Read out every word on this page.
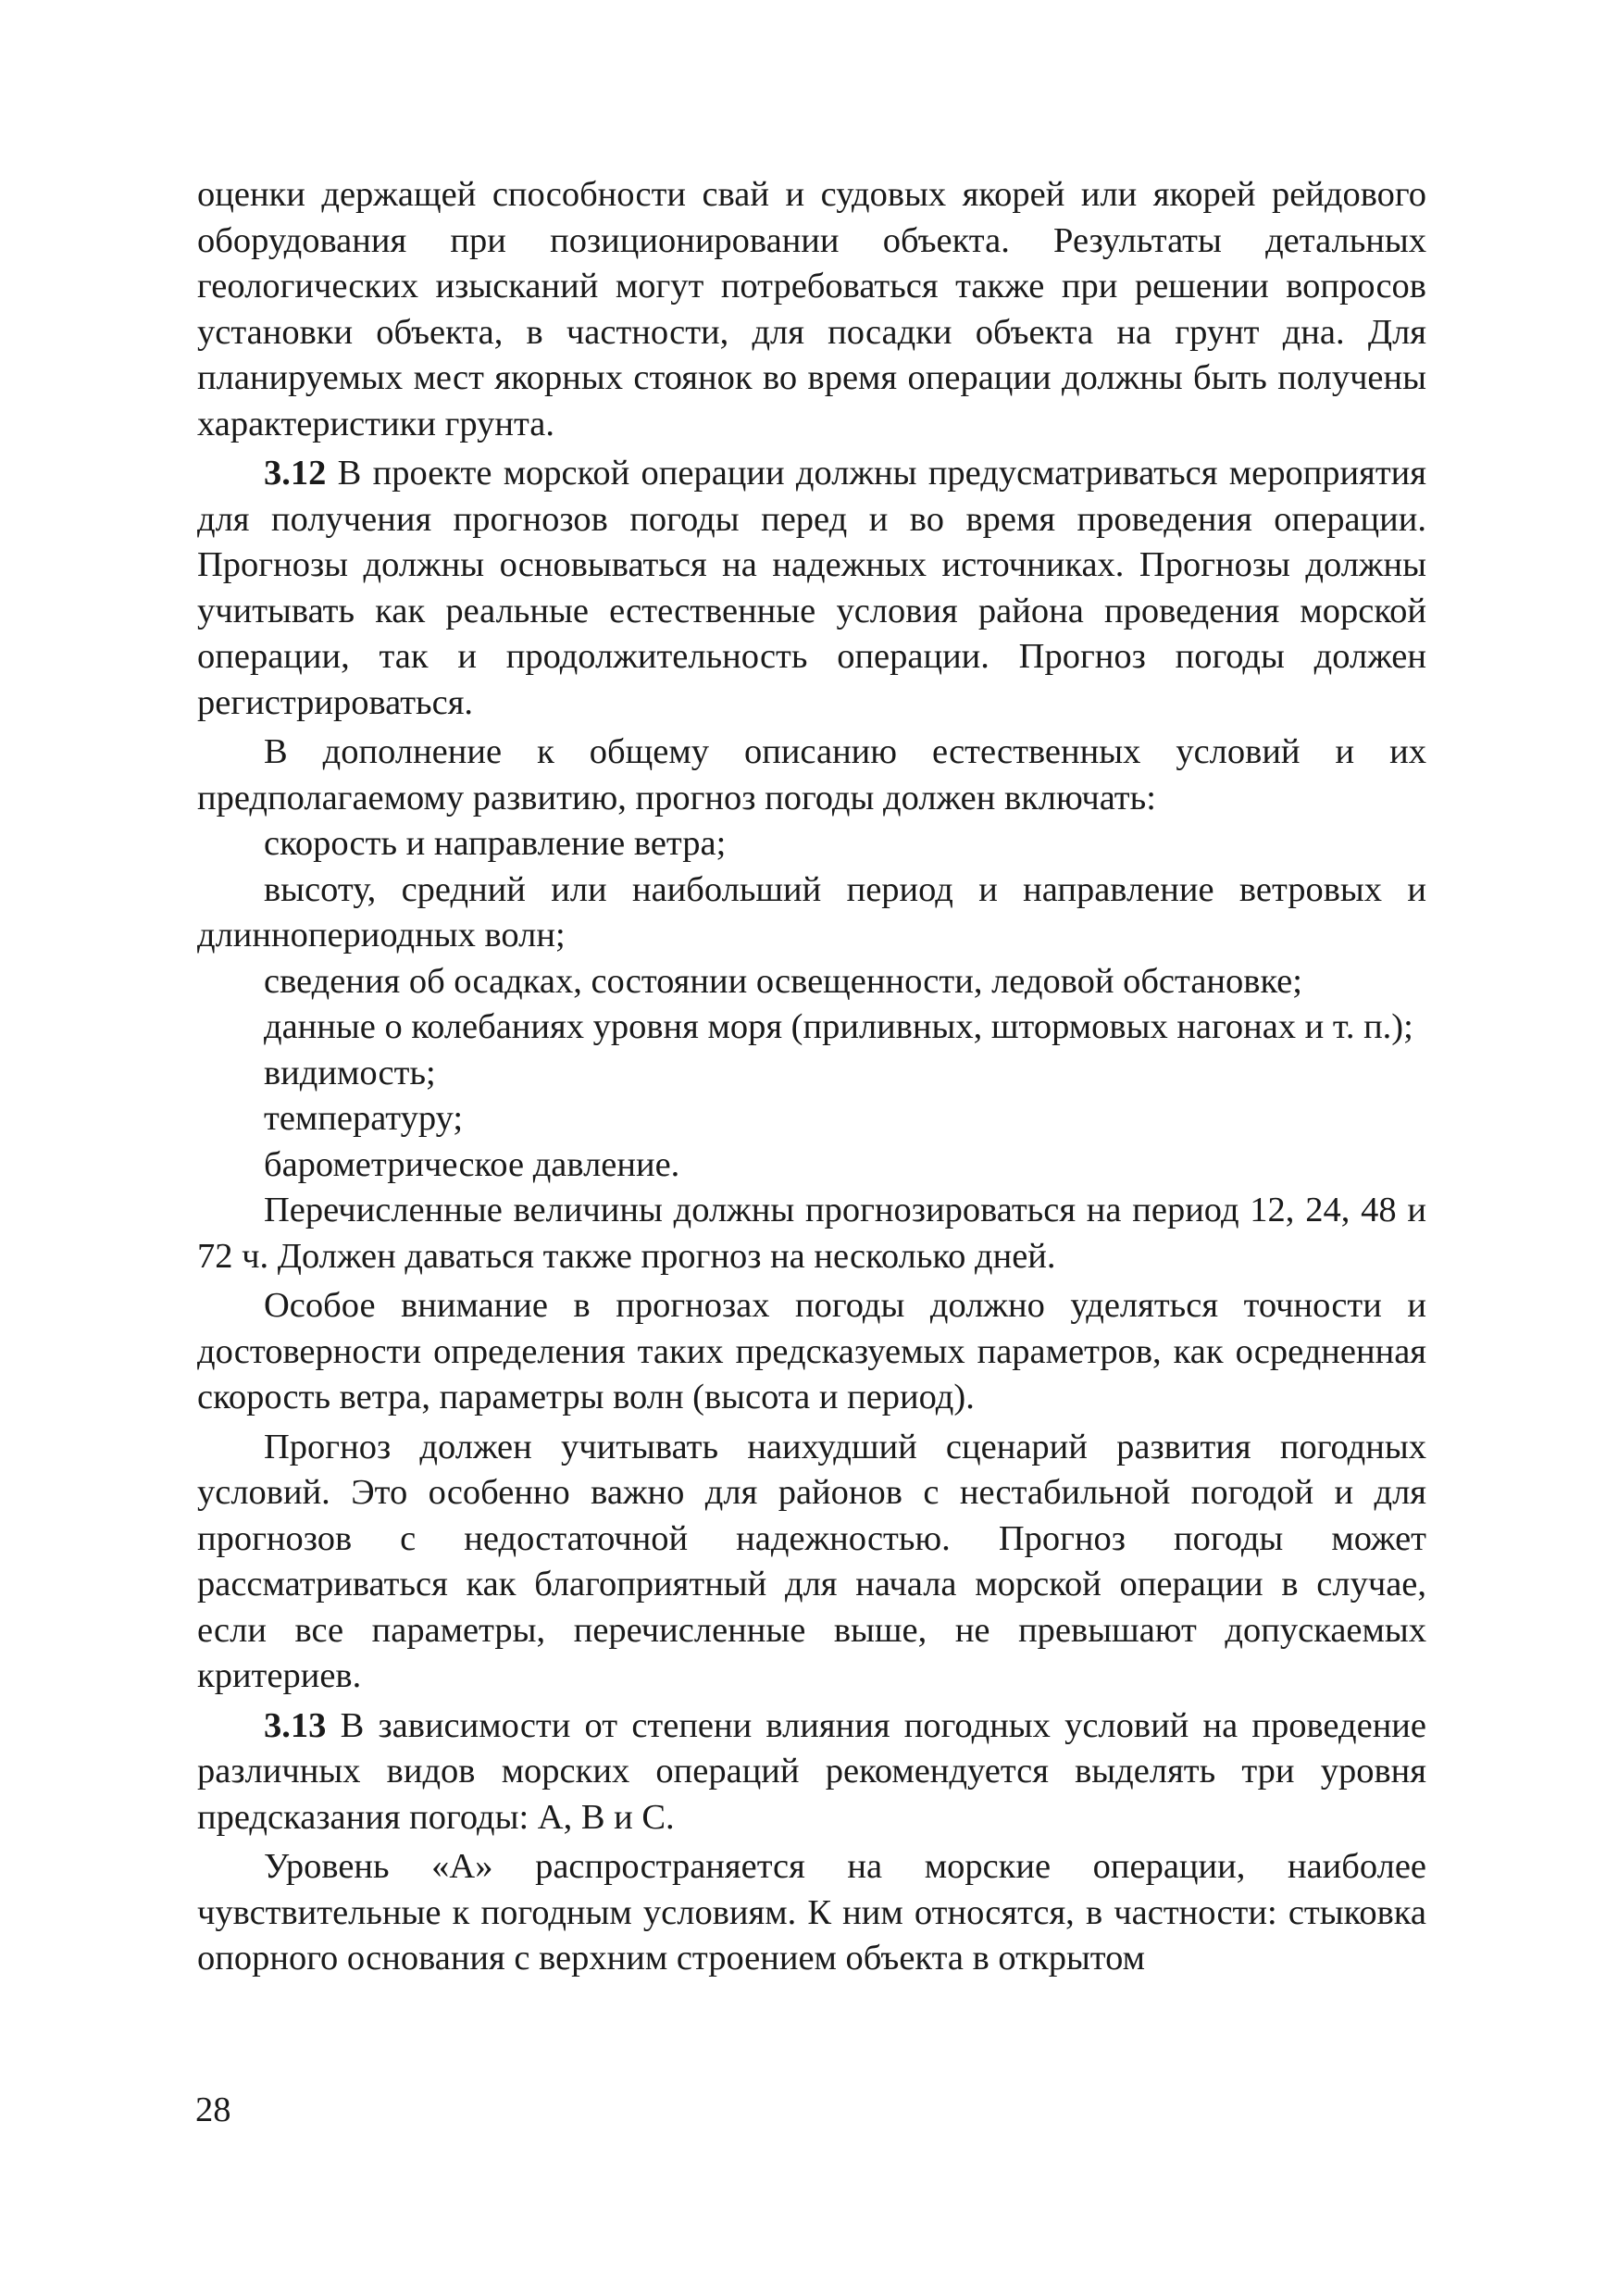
оценки держащей способности свай и судовых якорей или якорей рейдового оборудования при позиционировании объекта. Результаты детальных геологических изысканий могут потребоваться также при решении вопросов установки объекта, в частности, для посадки объекта на грунт дна. Для планируемых мест якорных стоянок во время операции должны быть получены характеристики грунта.

3.12 В проекте морской операции должны предусматриваться мероприятия для получения прогнозов погоды перед и во время проведения операции. Прогнозы должны основываться на надежных источниках. Прогнозы должны учитывать как реальные естественные условия района проведения морской операции, так и продолжительность операции. Прогноз погоды должен регистрироваться.

В дополнение к общему описанию естественных условий и их предполагаемому развитию, прогноз погоды должен включать:

скорость и направление ветра;

высоту, средний или наибольший период и направление ветровых и длиннопериодных волн;

сведения об осадках, состоянии освещенности, ледовой обстановке;

данные о колебаниях уровня моря (приливных, штормовых нагонах и т. п.);

видимость;

температуру;

барометрическое давление.

Перечисленные величины должны прогнозироваться на период 12, 24, 48 и 72 ч. Должен даваться также прогноз на несколько дней.

Особое внимание в прогнозах погоды должно уделяться точности и достоверности определения таких предсказуемых параметров, как осредненная скорость ветра, параметры волн (высота и период).

Прогноз должен учитывать наихудший сценарий развития погодных условий. Это особенно важно для районов с нестабильной погодой и для прогнозов с недостаточной надежностью. Прогноз погоды может рассматриваться как благоприятный для начала морской операции в случае, если все параметры, перечисленные выше, не превышают допускаемых критериев.

3.13 В зависимости от степени влияния погодных условий на проведение различных видов морских операций рекомендуется выделять три уровня предсказания погоды: А, В и С.

Уровень «А» распространяется на морские операции, наиболее чувствительные к погодным условиям. К ним относятся, в частности: стыковка опорного основания с верхним строением объекта в открытом

28
